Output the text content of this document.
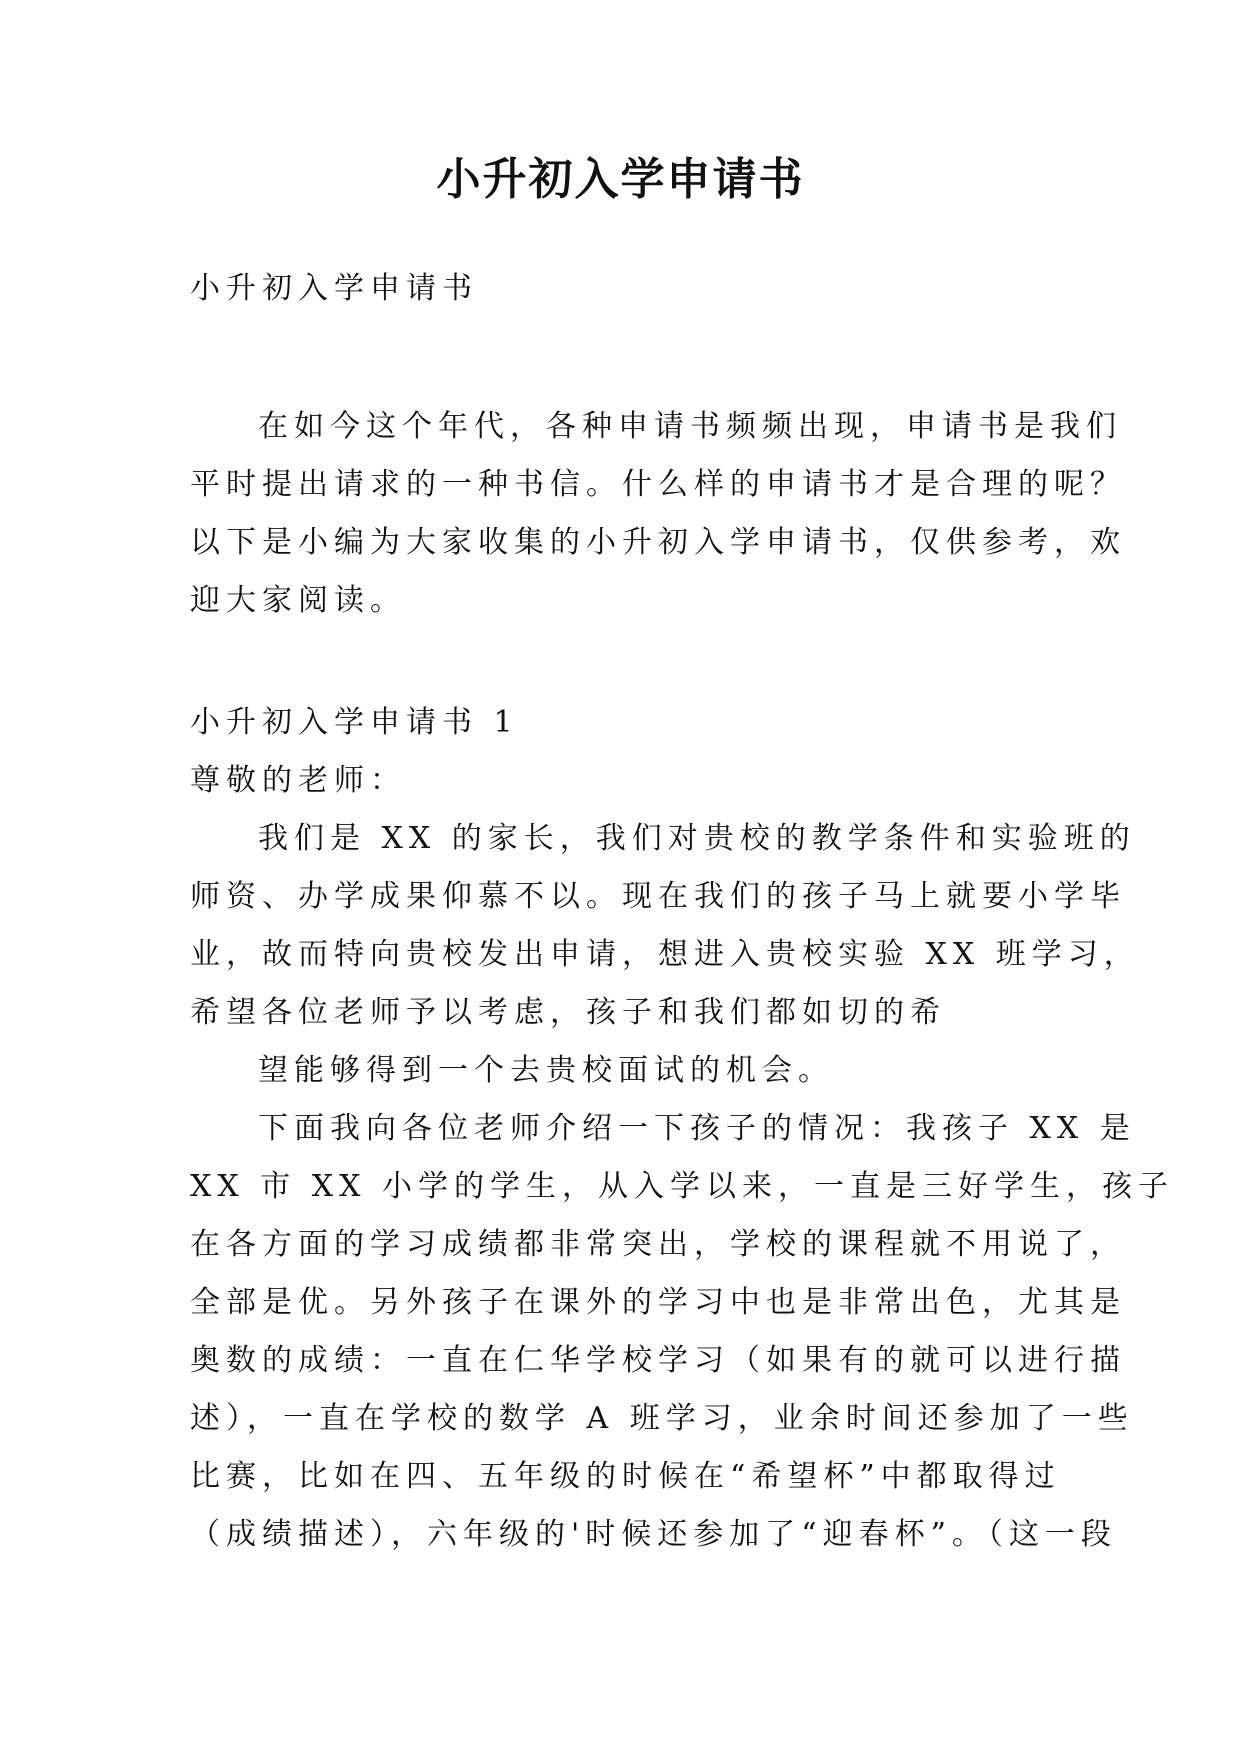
小升初入学申请书
小升初入学申请书
在如今这个年代，各种申请书频频出现，申请书是我们
平时提出请求的一种书信。什么样的申请书才是合理的呢？
以下是小编为大家收集的小升初入学申请书，仅供参考，欢
迎大家阅读。
小升初入学申请书 1
尊敬的老师：
我们是 XX 的家长，我们对贵校的教学条件和实验班的
师资、办学成果仰慕不以。现在我们的孩子马上就要小学毕
业，故而特向贵校发出申请，想进入贵校实验 XX 班学习，
希望各位老师予以考虑，孩子和我们都如切的希
望能够得到一个去贵校面试的机会。
下面我向各位老师介绍一下孩子的情况：我孩子 XX 是
XX 市 XX 小学的学生，从入学以来，一直是三好学生，孩子
在各方面的学习成绩都非常突出，学校的课程就不用说了，
全部是优。另外孩子在课外的学习中也是非常出色，尤其是
奥数的成绩：一直在仁华学校学习（如果有的就可以进行描
述），一直在学校的数学 A 班学习，业余时间还参加了一些
比赛，比如在四、五年级的时候在“希望杯”中都取得过
（成绩描述），六年级的'时候还参加了“迎春杯”。（这一段
